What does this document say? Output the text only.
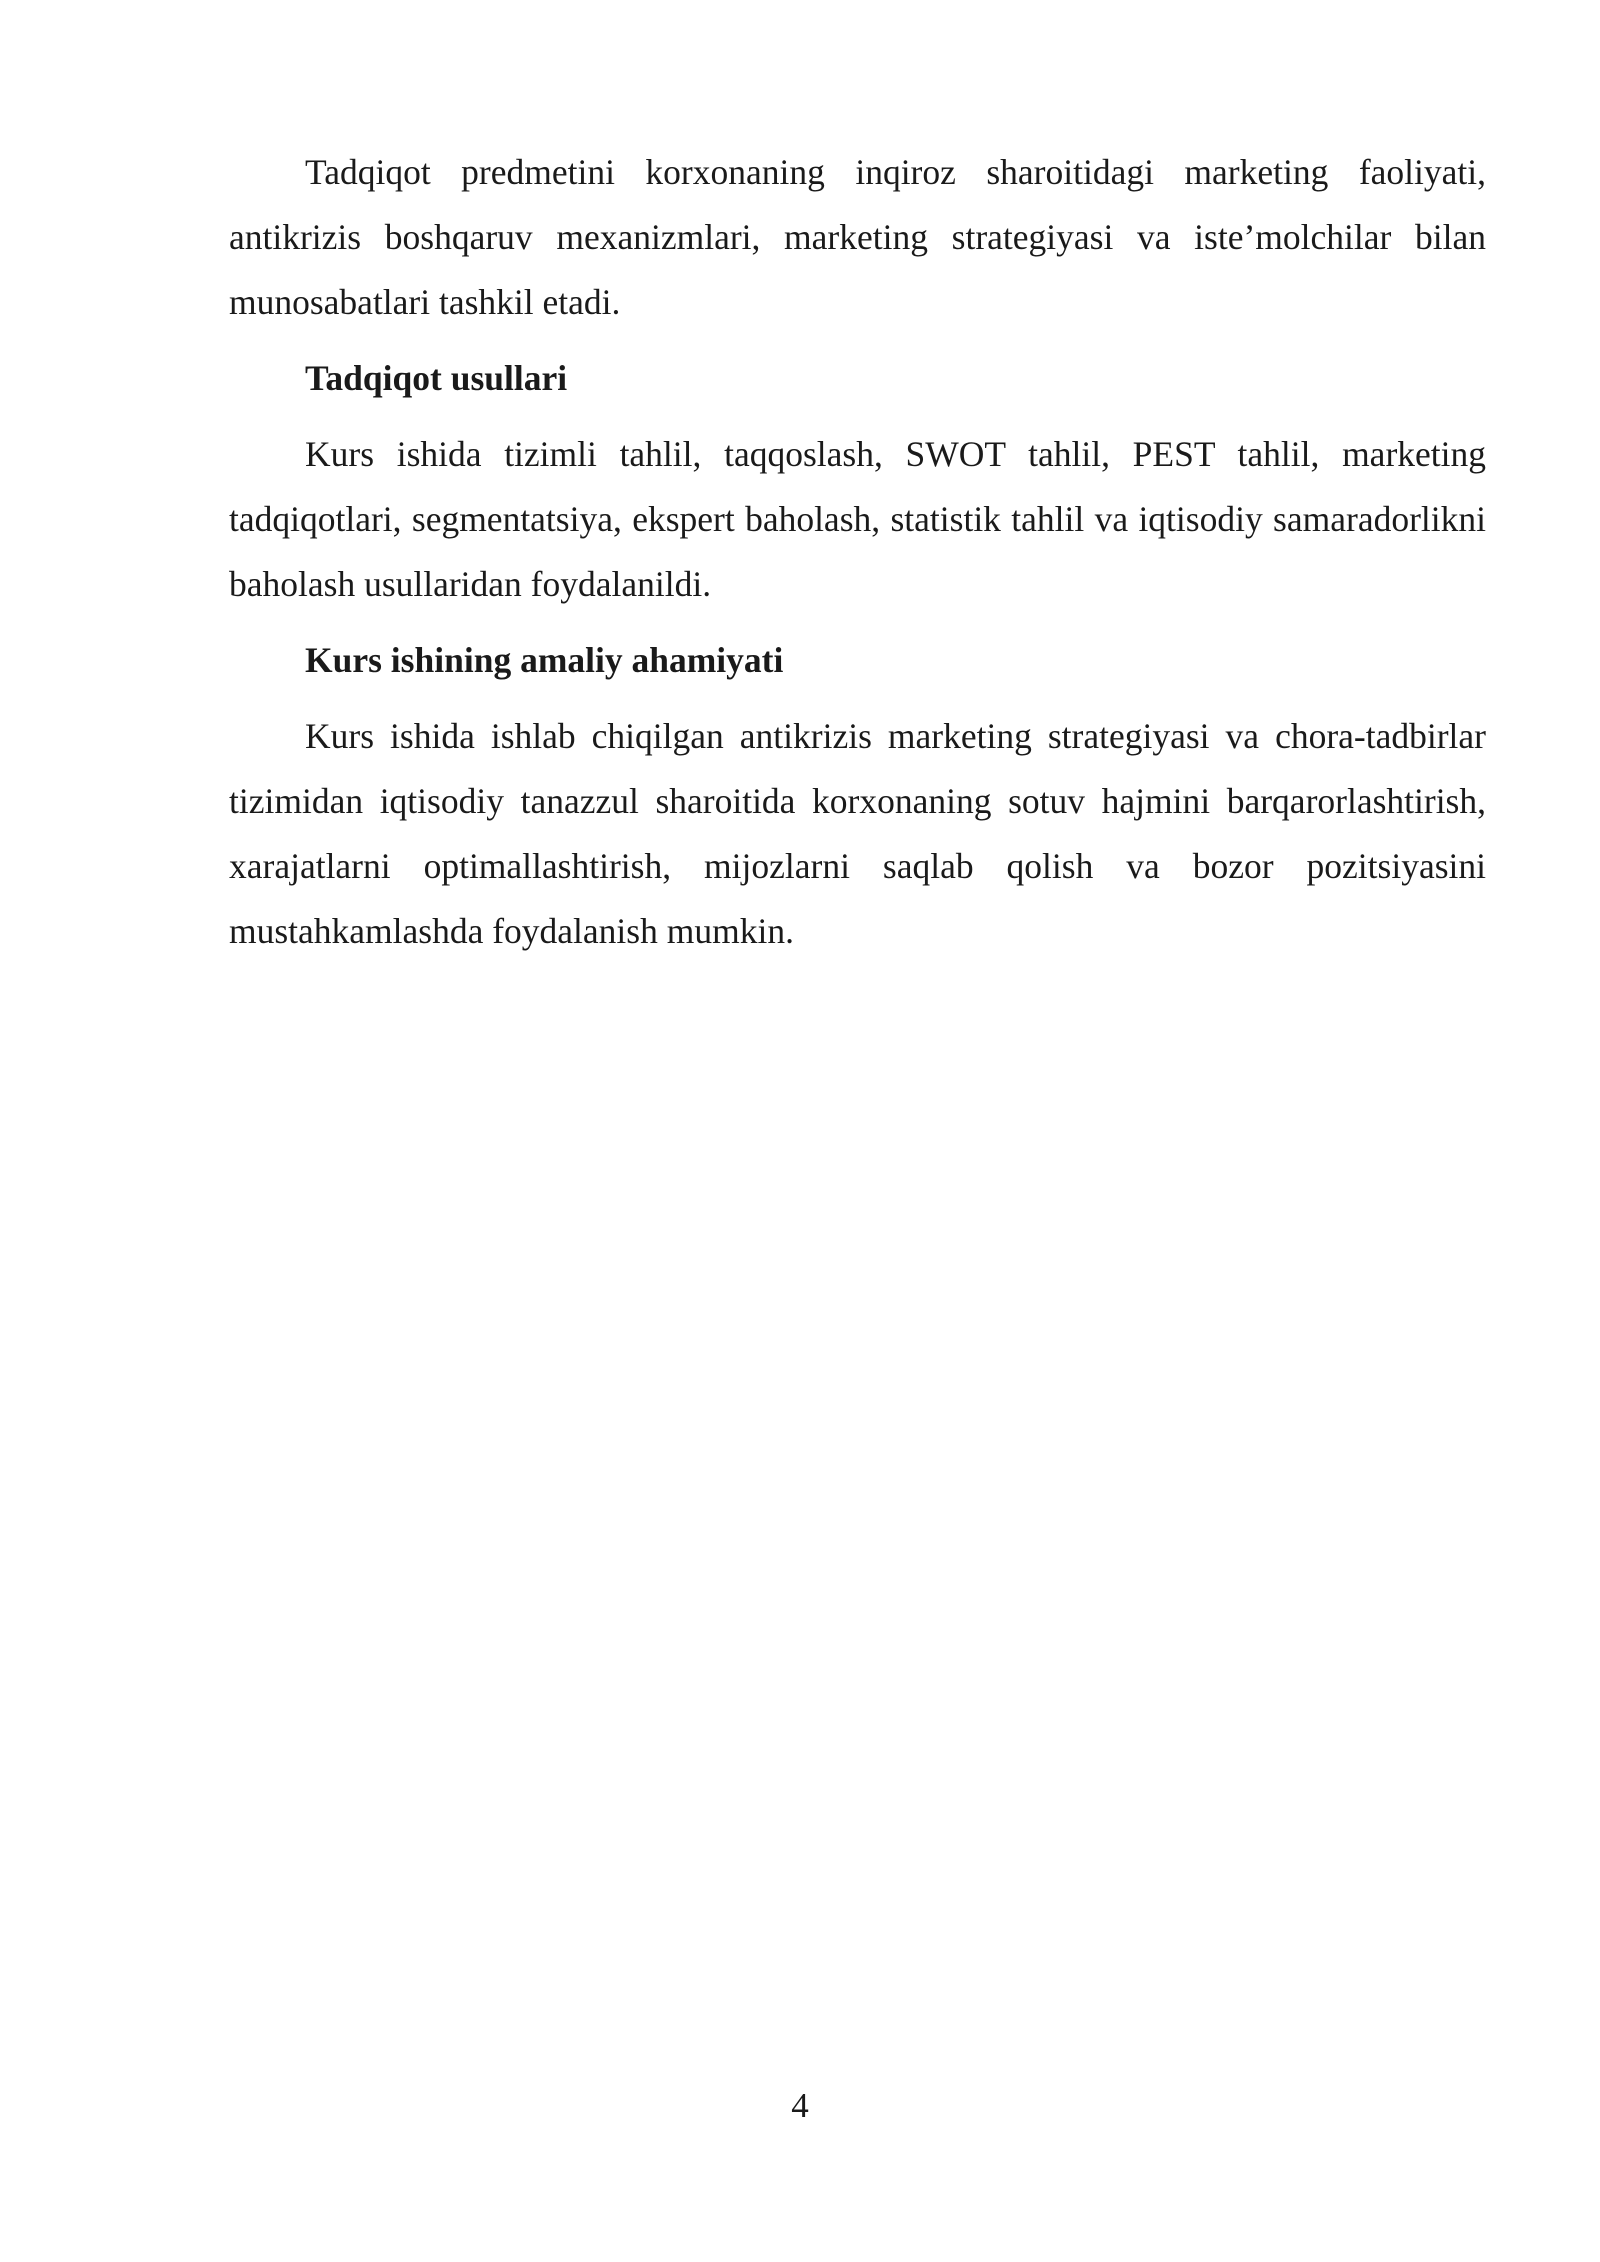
Tadqiqot predmetini korxonaning inqiroz sharoitidagi marketing faoliyati, antikrizis boshqaruv mexanizmlari, marketing strategiyasi va iste’molchilar bilan munosabatlari tashkil etadi.

Tadqiqot usullari

Kurs ishida tizimli tahlil, taqqoslash, SWOT tahlil, PEST tahlil, marketing tadqiqotlari, segmentatsiya, ekspert baholash, statistik tahlil va iqtisodiy samaradorlikni baholash usullaridan foydalanildi.

Kurs ishining amaliy ahamiyati

Kurs ishida ishlab chiqilgan antikrizis marketing strategiyasi va chora-tadbirlar tizimidan iqtisodiy tanazzul sharoitida korxonaning sotuv hajmini barqarorlashtirish, xarajatlarni optimallashtirish, mijozlarni saqlab qolish va bozor pozitsiyasini mustahkamlashda foydalanish mumkin.

4
